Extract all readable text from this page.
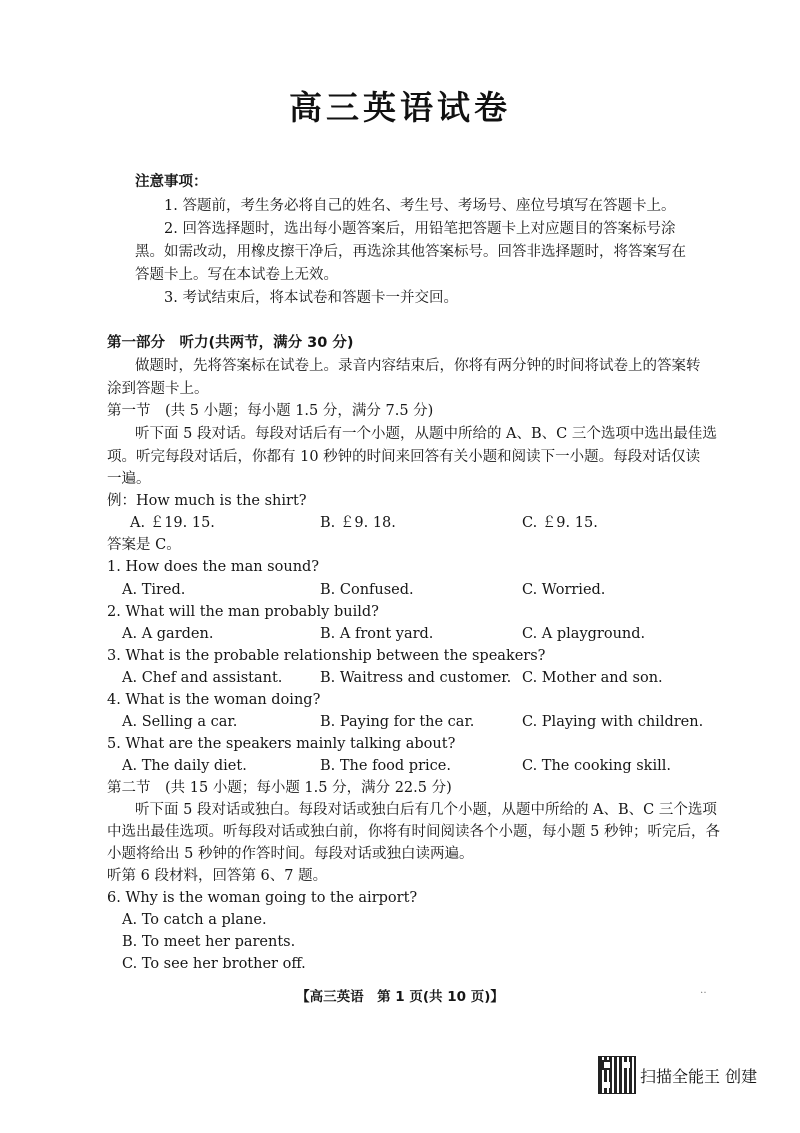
高三英语试卷
注意事项：
1. 答题前，考生务必将自己的姓名、考生号、考场号、座位号填写在答题卡上。
2. 回答选择题时，选出每小题答案后，用铅笔把答题卡上对应题目的答案标号涂
黑。如需改动，用橡皮擦干净后，再选涂其他答案标号。回答非选择题时，将答案写在
答题卡上。写在本试卷上无效。
3. 考试结束后，将本试卷和答题卡一并交回。
第一部分　听力(共两节，满分 30 分)
做题时，先将答案标在试卷上。录音内容结束后，你将有两分钟的时间将试卷上的答案转
涂到答题卡上。
第一节　(共 5 小题；每小题 1.5 分，满分 7.5 分)
听下面 5 段对话。每段对话后有一个小题，从题中所给的 A、B、C 三个选项中选出最佳选
项。听完每段对话后，你都有 10 秒钟的时间来回答有关小题和阅读下一小题。每段对话仅读
一遍。
例：How much is the shirt?
A. ￡19. 15.	B. ￡9. 18.	C. ￡9. 15.
答案是 C。
1. How does the man sound?
A. Tired.	B. Confused.	C. Worried.
2. What will the man probably build?
A. A garden.	B. A front yard.	C. A playground.
3. What is the probable relationship between the speakers?
A. Chef and assistant.	B. Waitress and customer. C. Mother and son.
4. What is the woman doing?
A. Selling a car.	B. Paying for the car.	C. Playing with children.
5. What are the speakers mainly talking about?
A. The daily diet.	B. The food price.	C. The cooking skill.
第二节　(共 15 小题；每小题 1.5 分，满分 22.5 分)
听下面 5 段对话或独白。每段对话或独白后有几个小题，从题中所给的 A、B、C 三个选项
中选出最佳选项。听每段对话或独白前，你将有时间阅读各个小题，每小题 5 秒钟；听完后，各
小题将给出 5 秒钟的作答时间。每段对话或独白读两遍。
听第 6 段材料，回答第 6、7 题。
6. Why is the woman going to the airport?
A. To catch a plane.
B. To meet her parents.
C. To see her brother off.
【高三英语　第 1 页(共 10 页)】	‥
扫描全能王 创建
